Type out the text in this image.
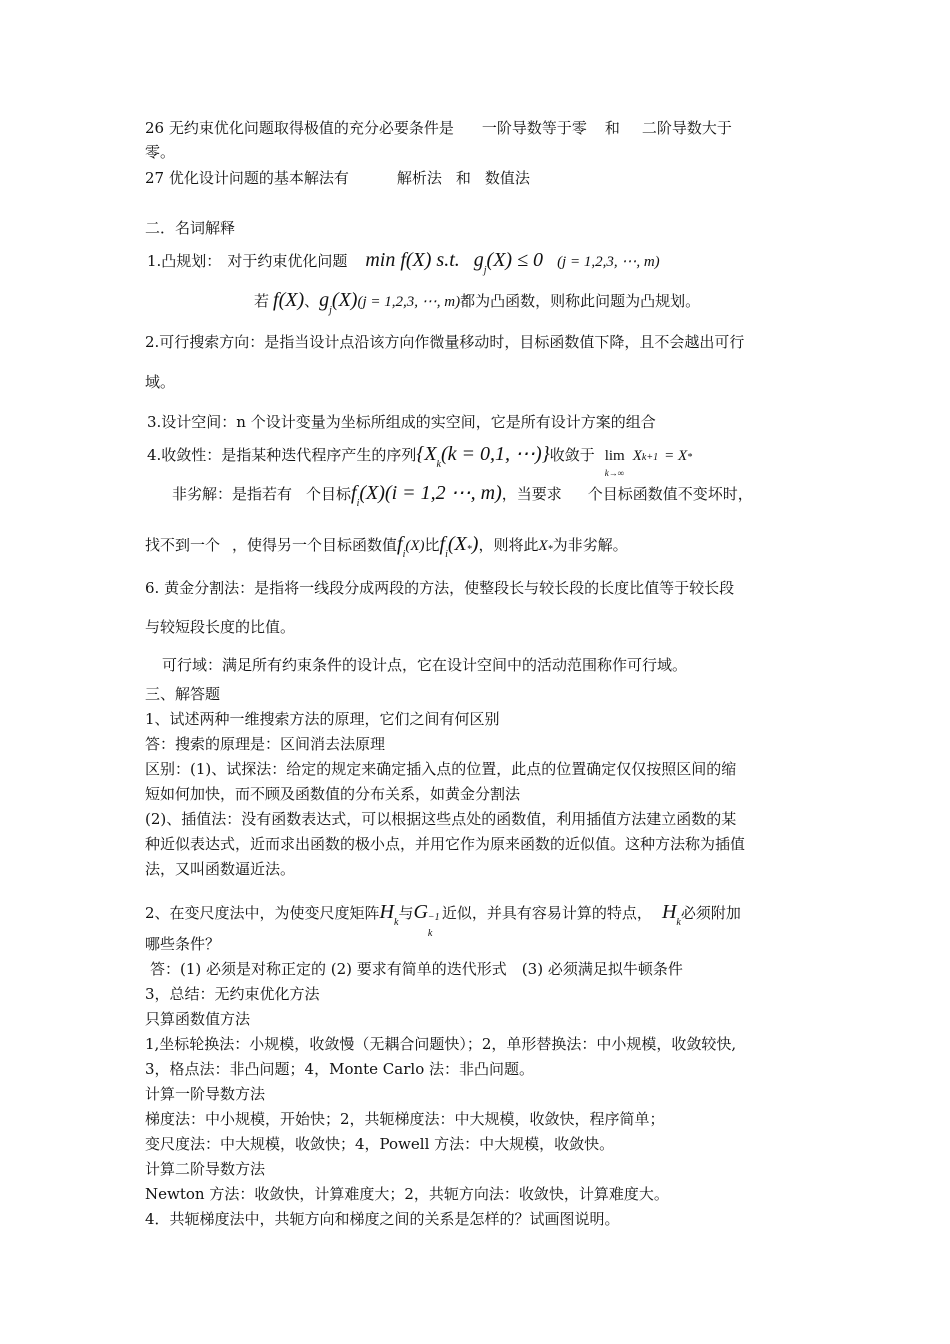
26 无约束优化问题取得极值的充分必要条件是 一阶导数等于零 和 二阶导数大于
零。
27 优化设计问题的基本解法有	解析法 和 数值法
二．名词解释
1.凸规划： 对于约束优化问题 min f(X) s.t. $g_j(X) \le 0$ (j = 1,2,3, ⋯, m)
若 f(X)、$g_j(X)(j = 1,2,3$, ⋯, m)都为凸函数，则称此问题为凸规划。
2.可行搜索方向：是指当设计点沿该方向作微量移动时，目标函数值下降，且不会越出可行
域。
3.设计空间：n 个设计变量为坐标所组成的实空间，它是所有设计方案的组合
4.收敛性：是指某种迭代程序产生的序列{$X_k(k = 0,1$, ⋯)}收敛于 lim
k→∞
Xk+1 = X*
非劣解：是指若有 个目标$f_i(X)(i = 1,2$ ⋯, m)，当要求 个目标函数值不变坏时，
找不到一个 ，使得另一个目标函数值$f_i(X)$比$f_i(X*)$，则将此X*为非劣解。
6. 黄金分割法：是指将一线段分成两段的方法，使整段长与较长段的长度比值等于较长段
与较短段长度的比值。
可行域：满足所有约束条件的设计点，它在设计空间中的活动范围称作可行域。
三、解答题
1、试述两种一维搜索方法的原理，它们之间有何区别
答：搜索的原理是：区间消去法原理
区别：(1)、试探法：给定的规定来确定插入点的位置，此点的位置确定仅仅按照区间的缩
短如何加快，而不顾及函数值的分布关系，如黄金分割法
(2)、插值法：没有函数表达式，可以根据这些点处的函数值，利用插值方法建立函数的某
种近似表达式，近而求出函数的极小点，并用它作为原来函数的近似值。这种方法称为插值
法，又叫函数逼近法。
2、在变尺度法中，为使变尺度矩阵$H_k$与G −1
k
近似，并具有容易计算的特点， $H_k$必须附加
哪些条件？
答：(1) 必须是对称正定的 (2) 要求有简单的迭代形式　(3) 必须满足拟牛顿条件
3，总结：无约束优化方法
只算函数值方法
1,坐标轮换法：小规模，收敛慢（无耦合问题快）；2，单形替换法：中小规模，收敛较快,
3，格点法：非凸问题；4，Monte Carlo 法：非凸问题。
计算一阶导数方法
梯度法：中小规模，开始快；2，共轭梯度法：中大规模，收敛快，程序简单；
变尺度法：中大规模，收敛快；4，Powell 方法：中大规模，收敛快。
计算二阶导数方法
Newton 方法：收敛快，计算难度大；2，共轭方向法：收敛快，计算难度大。
4．共轭梯度法中，共轭方向和梯度之间的关系是怎样的？试画图说明。
